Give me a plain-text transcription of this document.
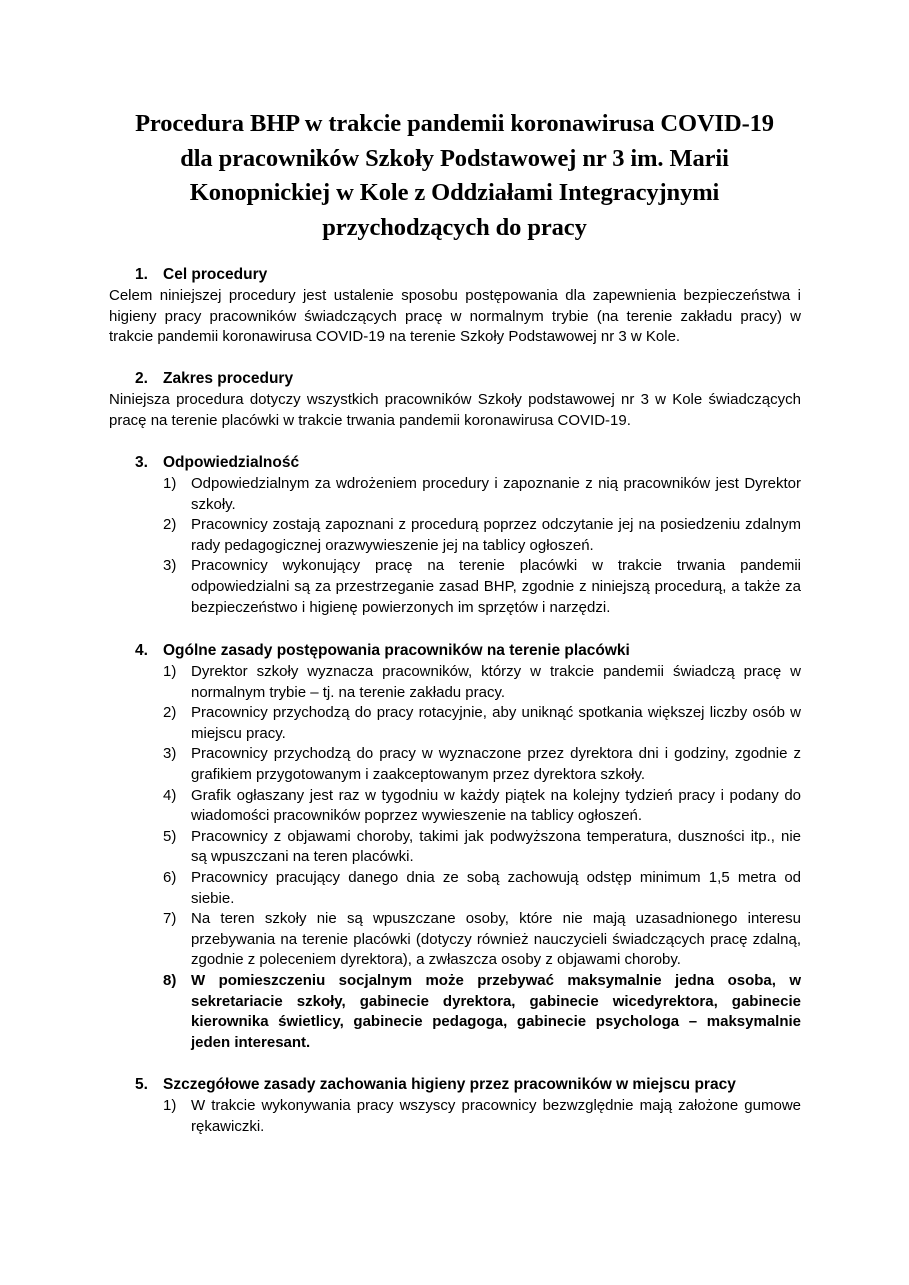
Procedura BHP w trakcie pandemii koronawirusa COVID-19
dla pracowników Szkoły Podstawowej nr 3 im. Marii
Konopnickiej w Kole z Oddziałami Integracyjnymi
przychodzących do pracy
1. Cel procedury

Celem niniejszej procedury jest ustalenie sposobu postępowania dla zapewnienia bezpieczeństwa i higieny pracy pracowników świadczących pracę w normalnym trybie (na terenie zakładu pracy) w trakcie pandemii koronawirusa COVID-19 na terenie Szkoły Podstawowej nr 3 w Kole.

2. Zakres procedury

Niniejsza procedura dotyczy wszystkich pracowników Szkoły podstawowej nr 3 w Kole świadczących pracę na terenie placówki w trakcie trwania pandemii koronawirusa COVID-19.

3. Odpowiedzialność
1) Odpowiedzialnym za wdrożeniem procedury i zapoznanie z nią pracowników jest Dyrektor szkoły.
2) Pracownicy zostają zapoznani z procedurą poprzez odczytanie jej na posiedzeniu zdalnym rady pedagogicznej orazwywieszenie jej na tablicy ogłoszeń.
3) Pracownicy wykonujący pracę na terenie placówki w trakcie trwania pandemii odpowiedzialni są za przestrzeganie zasad BHP, zgodnie z niniejszą procedurą, a także za bezpieczeństwo i higienę powierzonych im sprzętów i narzędzi.
4. Ogólne zasady postępowania pracowników na terenie placówki
1) Dyrektor szkoły wyznacza pracowników, którzy w trakcie pandemii świadczą pracę w normalnym trybie – tj. na terenie zakładu pracy.
2) Pracownicy przychodzą do pracy rotacyjnie, aby uniknąć spotkania większej liczby osób w miejscu pracy.
3) Pracownicy przychodzą do pracy w wyznaczone przez dyrektora dni i godziny, zgodnie z grafikiem przygotowanym i zaakceptowanym przez dyrektora szkoły.
4) Grafik ogłaszany jest raz w tygodniu w każdy piątek na kolejny tydzień pracy i podany do wiadomości pracowników poprzez wywieszenie na tablicy ogłoszeń.
5) Pracownicy z objawami choroby, takimi jak podwyższona temperatura, duszności itp., nie są wpuszczani na teren placówki.
6) Pracownicy pracujący danego dnia ze sobą zachowują odstęp minimum 1,5 metra od siebie.
7) Na teren szkoły nie są wpuszczane osoby, które nie mają uzasadnionego interesu przebywania na terenie placówki (dotyczy również nauczycieli świadczących pracę zdalną, zgodnie z poleceniem dyrektora), a zwłaszcza osoby z objawami choroby.
8) W pomieszczeniu socjalnym może przebywać maksymalnie jedna osoba, w sekretariacie szkoły, gabinecie dyrektora, gabinecie wicedyrektora, gabinecie kierownika świetlicy, gabinecie pedagoga, gabinecie psychologa – maksymalnie jeden interesant.
5. Szczegółowe zasady zachowania higieny przez pracowników w miejscu pracy
1) W trakcie wykonywania pracy wszyscy pracownicy bezwzględnie mają założone gumowe rękawiczki.
